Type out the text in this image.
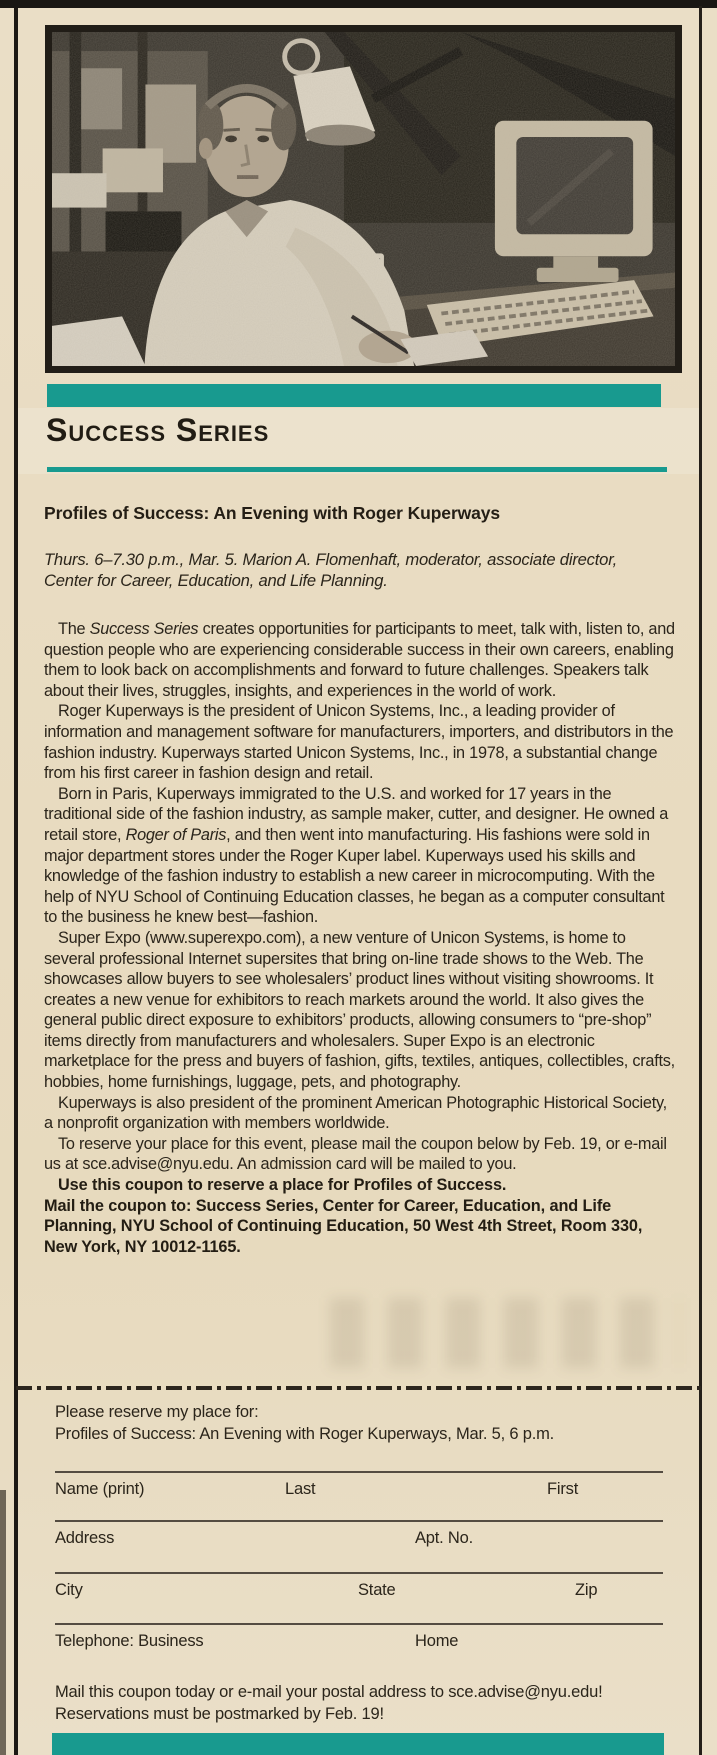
Success Series
Profiles of Success: An Evening with Roger Kuperways

Thurs. 6–7.30 p.m., Mar. 5. Marion A. Flomenhaft, moderator, associate director, Center for Career, Education, and Life Planning.

The Success Series creates opportunities for participants to meet, talk with, listen to, and question people who are experiencing considerable success in their own careers, enabling them to look back on accomplishments and forward to future challenges. Speakers talk about their lives, struggles, insights, and experiences in the world of work.

Roger Kuperways is the president of Unicon Systems, Inc., a leading provider of information and management software for manufacturers, importers, and distributors in the fashion industry. Kuperways started Unicon Systems, Inc., in 1978, a substantial change from his first career in fashion design and retail.

Born in Paris, Kuperways immigrated to the U.S. and worked for 17 years in the traditional side of the fashion industry, as sample maker, cutter, and designer. He owned a retail store, Roger of Paris, and then went into manufacturing. His fashions were sold in major department stores under the Roger Kuper label. Kuperways used his skills and knowledge of the fashion industry to establish a new career in microcomputing. With the help of NYU School of Continuing Education classes, he began as a computer consultant to the business he knew best—fashion.

Super Expo (www.superexpo.com), a new venture of Unicon Systems, is home to several professional Internet supersites that bring on-line trade shows to the Web. The showcases allow buyers to see wholesalers’ product lines without visiting showrooms. It creates a new venue for exhibitors to reach markets around the world. It also gives the general public direct exposure to exhibitors’ products, allowing consumers to “pre-shop” items directly from manufacturers and wholesalers. Super Expo is an electronic marketplace for the press and buyers of fashion, gifts, textiles, antiques, collectibles, crafts, hobbies, home furnishings, luggage, pets, and photography.

Kuperways is also president of the prominent American Photographic Historical Society, a nonprofit organization with members worldwide.

To reserve your place for this event, please mail the coupon below by Feb. 19, or e-mail us at sce.advise@nyu.edu. An admission card will be mailed to you.

Use this coupon to reserve a place for Profiles of Success.

Mail the coupon to: Success Series, Center for Career, Education, and Life Planning, NYU School of Continuing Education, 50 West 4th Street, Room 330, New York, NY 10012-1165.

Please reserve my place for:

Profiles of Success: An Evening with Roger Kuperways, Mar. 5, 6 p.m.

Name (print)	Last	First
Address	Apt. No.
City	State	Zip
Telephone: Business	Home

Mail this coupon today or e-mail your postal address to sce.advise@nyu.edu!

Reservations must be postmarked by Feb. 19!
